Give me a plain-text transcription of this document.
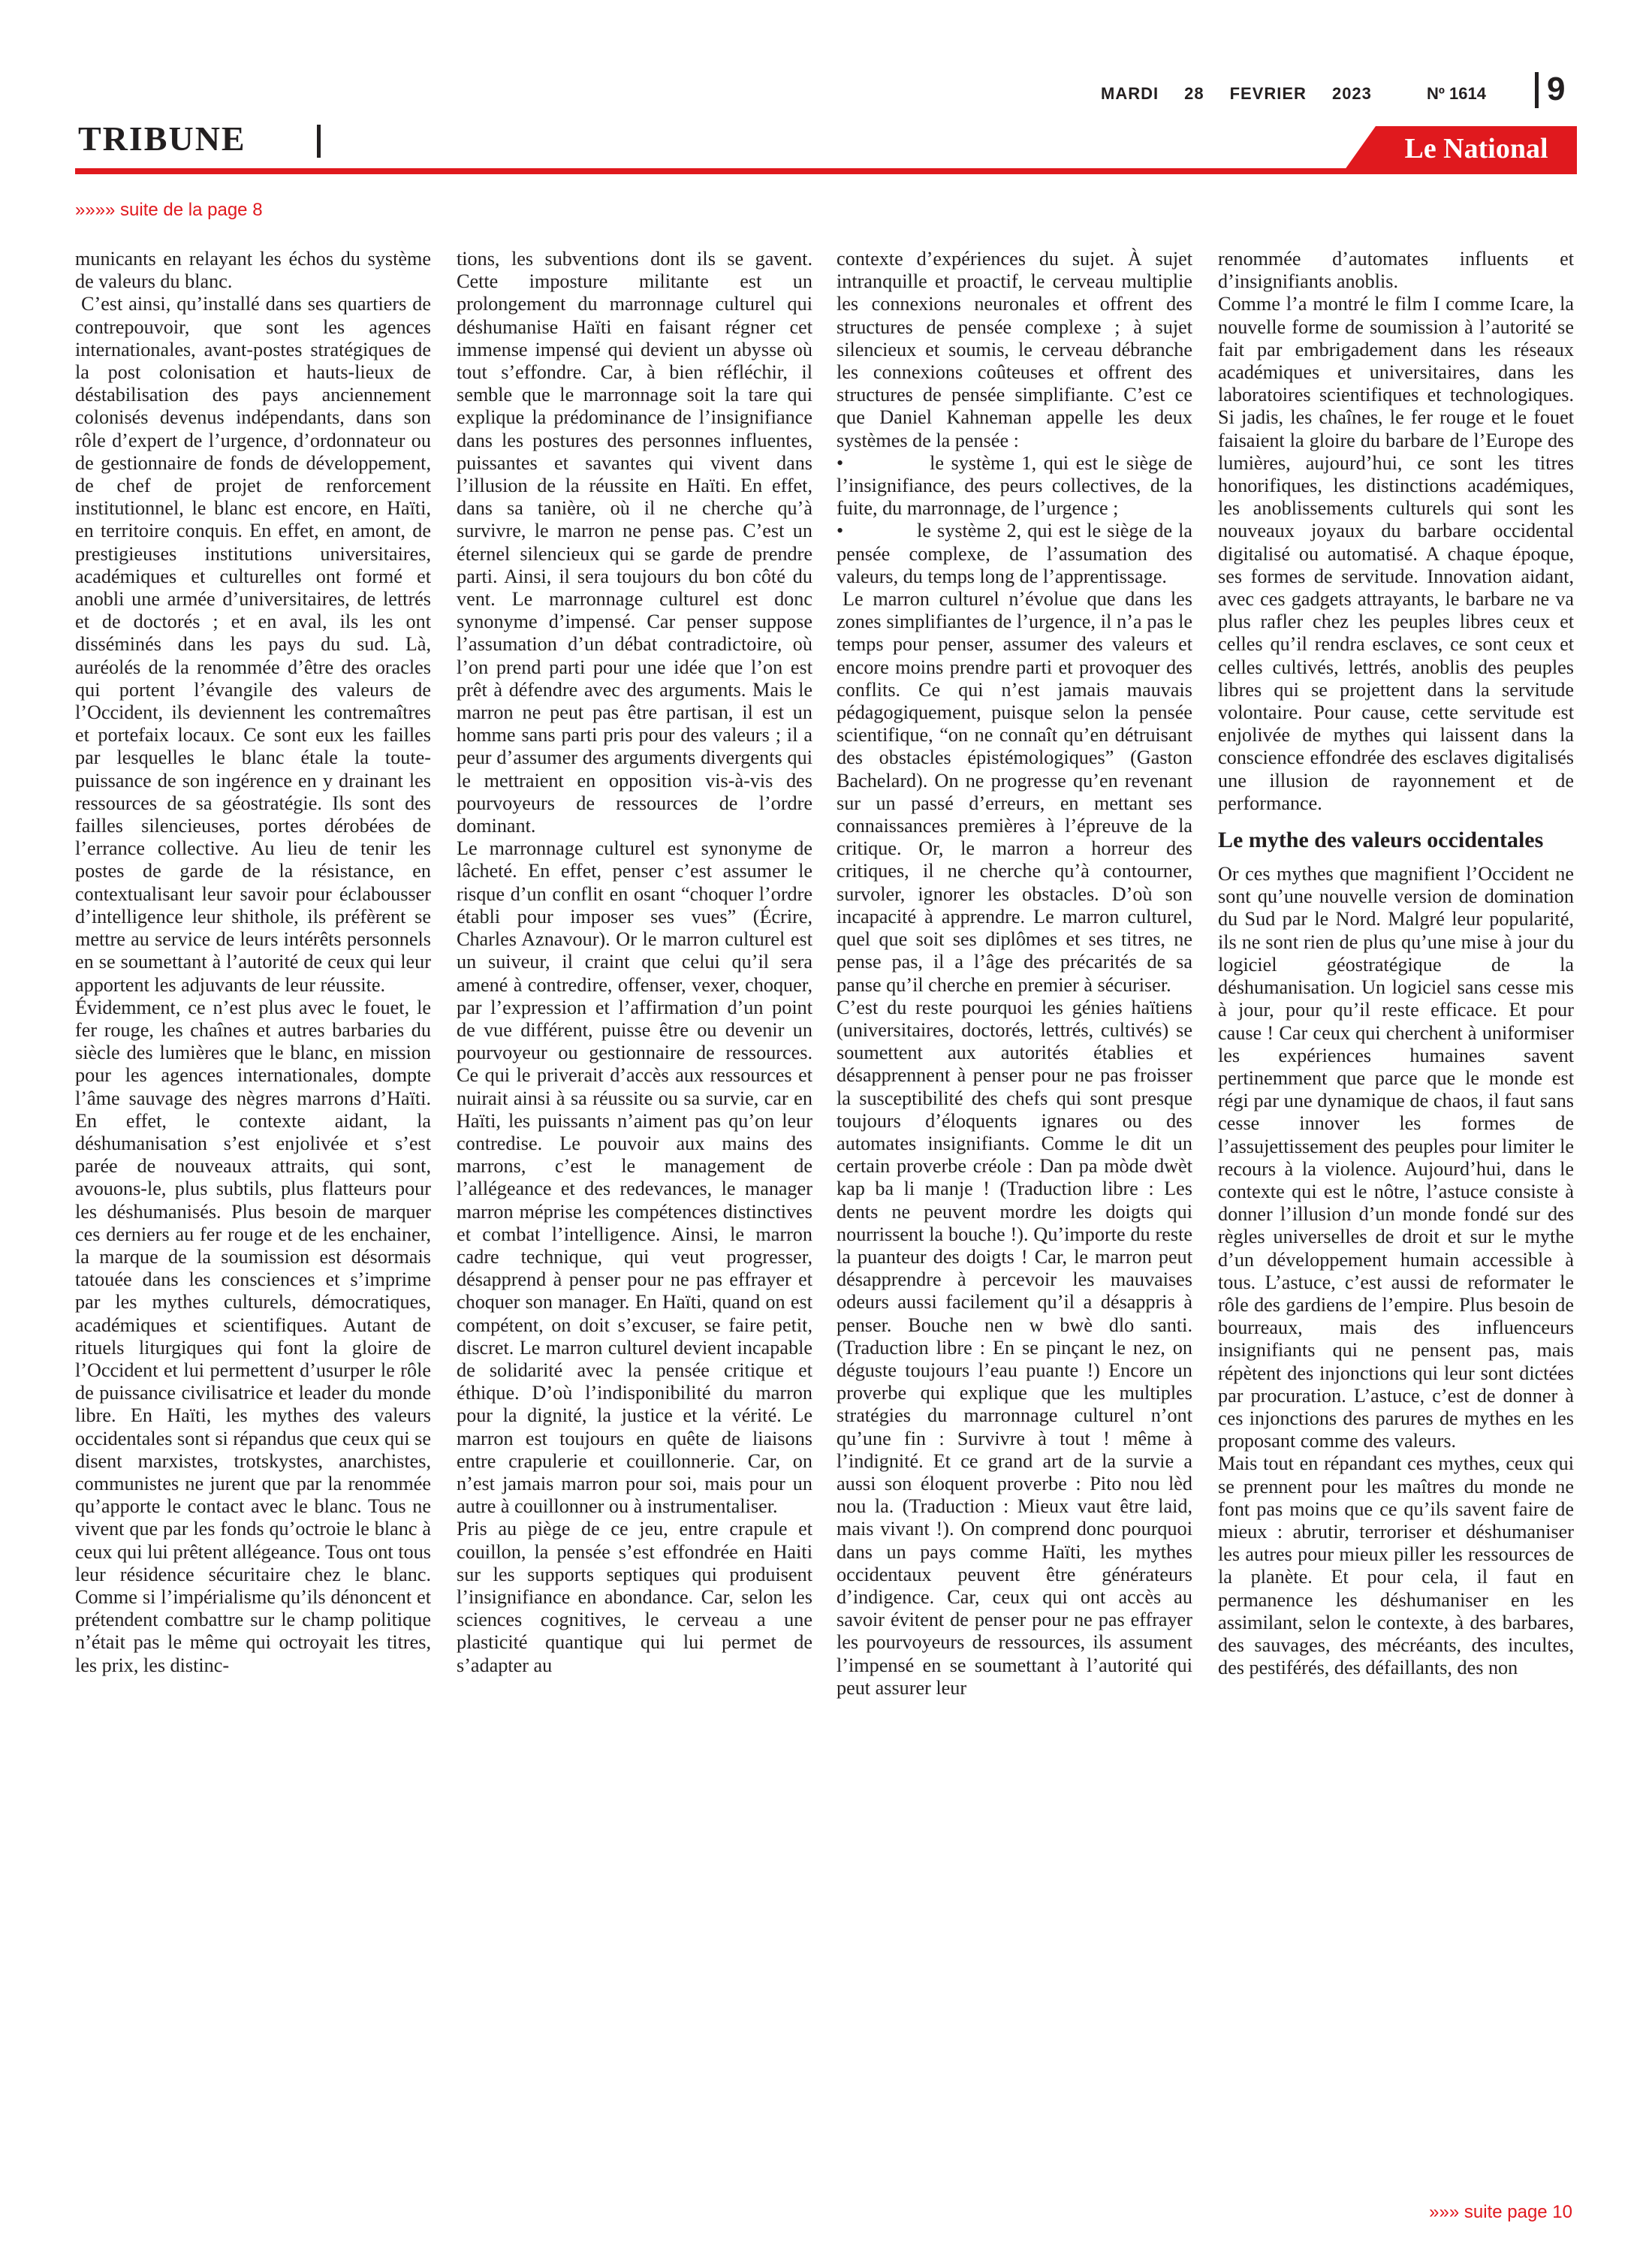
MARDI 28 FEVRIER 2023	Nº 1614 9
TRIBUNE	Le National
»»»» suite de la page 8

municants en relayant les échos du système de valeurs du blanc.

C’est ainsi, qu’installé dans ses quartiers de contrepouvoir, que sont les agences internationales, avant-postes stratégiques de la post colonisation et hauts-lieux de déstabilisation des pays anciennement colonisés devenus indépendants, dans son rôle d’expert de l’urgence, d’ordonnateur ou de gestionnaire de fonds de développement, de chef de projet de renforcement institutionnel, le blanc est encore, en Haïti, en territoire conquis. En effet, en amont, de prestigieuses institutions universitaires, académiques et culturelles ont formé et anobli une armée d’universitaires, de lettrés et de doctorés ; et en aval, ils les ont disséminés dans les pays du sud. Là, auréolés de la renommée d’être des oracles qui portent l’évangile des valeurs de l’Occident, ils deviennent les contremaîtres et portefaix locaux. Ce sont eux les failles par lesquelles le blanc étale la toute-puissance de son ingérence en y drainant les ressources de sa géostratégie. Ils sont des failles silencieuses, portes dérobées de l’errance collective. Au lieu de tenir les postes de garde de la résistance, en contextualisant leur savoir pour éclabousser d’intelligence leur shithole, ils préfèrent se mettre au service de leurs intérêts personnels en se soumettant à l’autorité de ceux qui leur apportent les adjuvants de leur réussite.

Évidemment, ce n’est plus avec le fouet, le fer rouge, les chaînes et autres barbaries du siècle des lumières que le blanc, en mission pour les agences internationales, dompte l’âme sauvage des nègres marrons d’Haïti. En effet, le contexte aidant, la déshumanisation s’est enjolivée et s’est parée de nouveaux attraits, qui sont, avouons-le, plus subtils, plus flatteurs pour les déshumanisés. Plus besoin de marquer ces derniers au fer rouge et de les enchainer, la marque de la soumission est désormais tatouée dans les consciences et s’imprime par les mythes culturels, démocratiques, académiques et scientifiques. Autant de rituels liturgiques qui font la gloire de l’Occident et lui permettent d’usurper le rôle de puissance civilisatrice et leader du monde libre. En Haïti, les mythes des valeurs occidentales sont si répandus que ceux qui se disent marxistes, trotskystes, anarchistes, communistes ne jurent que par la renommée qu’apporte le contact avec le blanc. Tous ne vivent que par les fonds qu’octroie le blanc à ceux qui lui prêtent allégeance. Tous ont tous leur résidence sécuritaire chez le blanc. Comme si l’impérialisme qu’ils dénoncent et prétendent combattre sur le champ politique n’était pas le même qui octroyait les titres, les prix, les distinc-

tions, les subventions dont ils se gavent. Cette imposture militante est un prolongement du marronnage culturel qui déshumanise Haïti en faisant régner cet immense impensé qui devient un abysse où tout s’effondre. Car, à bien réfléchir, il semble que le marronnage soit la tare qui explique la prédominance de l’insignifiance dans les postures des personnes influentes, puissantes et savantes qui vivent dans l’illusion de la réussite en Haïti. En effet, dans sa tanière, où il ne cherche qu’à survivre, le marron ne pense pas. C’est un éternel silencieux qui se garde de prendre parti. Ainsi, il sera toujours du bon côté du vent. Le marronnage culturel est donc synonyme d’impensé. Car penser suppose l’assumation d’un débat contradictoire, où l’on prend parti pour une idée que l’on est prêt à défendre avec des arguments. Mais le marron ne peut pas être partisan, il est un homme sans parti pris pour des valeurs ; il a peur d’assumer des arguments divergents qui le mettraient en opposition vis-à-vis des pourvoyeurs de ressources de l’ordre dominant.

Le marronnage culturel est synonyme de lâcheté. En effet, penser c’est assumer le risque d’un conflit en osant “choquer l’ordre établi pour imposer ses vues” (Écrire, Charles Aznavour). Or le marron culturel est un suiveur, il craint que celui qu’il sera amené à contredire, offenser, vexer, choquer, par l’expression et l’affirmation d’un point de vue différent, puisse être ou devenir un pourvoyeur ou gestionnaire de ressources. Ce qui le priverait d’accès aux ressources et nuirait ainsi à sa réussite ou sa survie, car en Haïti, les puissants n’aiment pas qu’on leur contredise. Le pouvoir aux mains des marrons, c’est le management de l’allégeance et des redevances, le manager marron méprise les compétences distinctives et combat l’intelligence. Ainsi, le marron cadre technique, qui veut progresser, désapprend à penser pour ne pas effrayer et choquer son manager. En Haïti, quand on est compétent, on doit s’excuser, se faire petit, discret. Le marron culturel devient incapable de solidarité avec la pensée critique et éthique. D’où l’indisponibilité du marron pour la dignité, la justice et la vérité. Le marron est toujours en quête de liaisons entre crapulerie et couillonnerie. Car, on n’est jamais marron pour soi, mais pour un autre à couillonner ou à instrumentaliser.

Pris au piège de ce jeu, entre crapule et couillon, la pensée s’est effondrée en Haiti sur les supports septiques qui produisent l’insignifiance en abondance. Car, selon les sciences cognitives, le cerveau a une plasticité quantique qui lui permet de s’adapter au

contexte d’expériences du sujet. À sujet intranquille et proactif, le cerveau multiplie les connexions neuronales et offrent des structures de pensée complexe ; à sujet silencieux et soumis, le cerveau débranche les connexions coûteuses et offrent des structures de pensée simplifiante. C’est ce que Daniel Kahneman appelle les deux systèmes de la pensée :

•	le système 1, qui est le siège de l’insignifiance, des peurs collectives, de la fuite, du marronnage, de l’urgence ;

•	le système 2, qui est le siège de la pensée complexe, de l’assumation des valeurs, du temps long de l’apprentissage.

Le marron culturel n’évolue que dans les zones simplifiantes de l’urgence, il n’a pas le temps pour penser, assumer des valeurs et encore moins prendre parti et provoquer des conflits. Ce qui n’est jamais mauvais pédagogiquement, puisque selon la pensée scientifique, “on ne connaît qu’en détruisant des obstacles épistémologiques” (Gaston Bachelard). On ne progresse qu’en revenant sur un passé d’erreurs, en mettant ses connaissances premières à l’épreuve de la critique. Or, le marron a horreur des critiques, il ne cherche qu’à contourner, survoler, ignorer les obstacles. D’où son incapacité à apprendre. Le marron culturel, quel que soit ses diplômes et ses titres, ne pense pas, il a l’âge des précarités de sa panse qu’il cherche en premier à sécuriser.

C’est du reste pourquoi les génies haïtiens (universitaires, doctorés, lettrés, cultivés) se soumettent aux autorités établies et désapprennent à penser pour ne pas froisser la susceptibilité des chefs qui sont presque toujours d’éloquents ignares ou des automates insignifiants. Comme le dit un certain proverbe créole : Dan pa mòde dwèt kap ba li manje ! (Traduction libre : Les dents ne peuvent mordre les doigts qui nourrissent la bouche !). Qu’importe du reste la puanteur des doigts ! Car, le marron peut désapprendre à percevoir les mauvaises odeurs aussi facilement qu’il a désappris à penser. Bouche nen w bwè dlo santi. (Traduction libre : En se pinçant le nez, on déguste toujours l’eau puante !) Encore un proverbe qui explique que les multiples stratégies du marronnage culturel n’ont qu’une fin : Survivre à tout ! même à l’indignité. Et ce grand art de la survie a aussi son éloquent proverbe : Pito nou lèd nou la. (Traduction : Mieux vaut être laid, mais vivant !). On comprend donc pourquoi dans un pays comme Haïti, les mythes occidentaux peuvent être générateurs d’indigence. Car, ceux qui ont accès au savoir évitent de penser pour ne pas effrayer les pourvoyeurs de ressources, ils assument l’impensé en se soumettant à l’autorité qui peut assurer leur

renommée d’automates influents et d’insignifiants anoblis.

Comme l’a montré le film I comme Icare, la nouvelle forme de soumission à l’autorité se fait par embrigadement dans les réseaux académiques et universitaires, dans les laboratoires scientifiques et technologiques. Si jadis, les chaînes, le fer rouge et le fouet faisaient la gloire du barbare de l’Europe des lumières, aujourd’hui, ce sont les titres honorifiques, les distinctions académiques, les anoblissements culturels qui sont les nouveaux joyaux du barbare occidental digitalisé ou automatisé. A chaque époque, ses formes de servitude. Innovation aidant, avec ces gadgets attrayants, le barbare ne va plus rafler chez les peuples libres ceux et celles qu’il rendra esclaves, ce sont ceux et celles cultivés, lettrés, anoblis des peuples libres qui se projettent dans la servitude volontaire. Pour cause, cette servitude est enjolivée de mythes qui laissent dans la conscience effondrée des esclaves digitalisés une illusion de rayonnement et de performance.

Le mythe des valeurs occidentales

Or ces mythes que magnifient l’Occident ne sont qu’une nouvelle version de domination du Sud par le Nord. Malgré leur popularité, ils ne sont rien de plus qu’une mise à jour du logiciel géostratégique de la déshumanisation. Un logiciel sans cesse mis à jour, pour qu’il reste efficace. Et pour cause ! Car ceux qui cherchent à uniformiser les expériences humaines savent pertinemment que parce que le monde est régi par une dynamique de chaos, il faut sans cesse innover les formes de l’assujettissement des peuples pour limiter le recours à la violence. Aujourd’hui, dans le contexte qui est le nôtre, l’astuce consiste à donner l’illusion d’un monde fondé sur des règles universelles de droit et sur le mythe d’un développement humain accessible à tous. L’astuce, c’est aussi de reformater le rôle des gardiens de l’empire. Plus besoin de bourreaux, mais des influenceurs insignifiants qui ne pensent pas, mais répètent des injonctions qui leur sont dictées par procuration. L’astuce, c’est de donner à ces injonctions des parures de mythes en les proposant comme des valeurs.

Mais tout en répandant ces mythes, ceux qui se prennent pour les maîtres du monde ne font pas moins que ce qu’ils savent faire de mieux : abrutir, terroriser et déshumaniser les autres pour mieux piller les ressources de la planète. Et pour cela, il faut en permanence les déshumaniser en les assimilant, selon le contexte, à des barbares, des sauvages, des mécréants, des incultes, des pestiférés, des défaillants, des non

»»» suite page 10
